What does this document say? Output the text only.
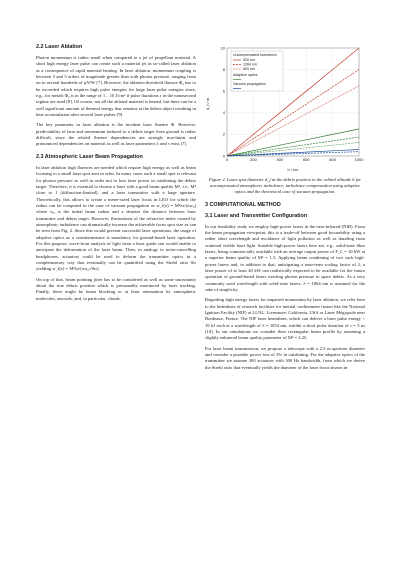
2.2 Laser Ablation

Photon momentum is rather small when compared to a jet of propellant material. A short high energy laser pulse can create such a material jet in so-called laser ablation as a consequence of rapid material heating. In laser ablation, momentum coupling is between 3 and 5 orders of magnitude greater than with photon pressure, ranging from on to several hundreds of μN/W [7]. However, the ablation threshold fluence Φ₀ has to be exceeded which requires high pulse energies for large laser pulse energies since, e.g., for metals Φ₀ is in the range of 1 .. 10 J/cm² if pulse durations τ in the nanosecond regime are used [8]. Of course, not all the ablated material is heated, but there can be a well significant amount of thermal energy that remains at the debris object resulting in heat accumulation after several laser pulses [9].

The key parameter in laser ablation is the incident laser fluence Φ. However, predictability of heat and momentum induced to a debris target from ground is rather difficult, since the related fluence dependencies are strongly non-linear and pronounced dependencies on material as well as laser parameters λ and τ exist [7].

2.3 Atmospheric Laser Beam Propagation

In laser ablation high fluences are needed which require high energy as well as beam focusing to a small laser spot area in orbit. In many cases such a small spot is relevant for photon pressure as well in order not to lose laser power in outshining the debris target. Therefore, it is essential to choose a laser with a good beam quality M², i.e., M² close to 1 (diffraction-limited), and a laser transmitter with a large aperture. Theoretically, this allows to create a meter-sized laser focus in LEO for which the radius can be computed in the case of vacuum propagation as w_f(z) = M²λz/(πw₀) where w₀ is the initial beam radius and z denotes the distance between laser transmitter and debris target. However, fluctuations of the refractive index caused by atmospheric turbulence can dramatically increase the achievable focus spot size as can be seen from Fig. 2. Since this would prevent successful laser operations, the usage of adaptive optics as a countermeasure is mandatory for ground-based laser operation. For this purpose, wave-front analysis of light from a laser guide star would enable to anticipate the deformation of the laser beam. Then, in analogy to noise-cancelling headphones, actuators could be used to deform the transmitter optics in a complementary way that eventually can be quantified using the Strehl ratio Str yielding w_f(z) = M²λz/(πw₀√Str).

On top of that, beam pointing jitter has to be considered as well as some uncertainty about the true debris position which is presumably monitored by laser tracking. Finally, there might be beam blocking or at least attenuation by atmospheric molecules, aerosols, and, in particular, clouds.

0
2
4
6
8
10
0	200	400	600	800	1000
d_f / m
h / km
Uncompensated turbulence
520 nm
1064 nm
800 nm
Adaptive optics
Vacuum propagation

Figure 2. Laser spot diameter d_f at the debris position in the orbital altitude h for uncompensated atmospheric turbulence, turbulence compensation using adaptive optics and the theoretical case of vacuum propagation.

3 COMPUTATIONAL METHOD
3.1 Laser and Transmitter Configuration

In our feasibility study we employ high-power lasers in the near-infrared (NIR). From the beam propagation viewpoint, this is a trade-off between good focusability using a rather short wavelength and avoidance of light pollution as well as dazzling from scattered visible laser light. Suitable high-power lasers here are, e.g., solid-state fibre lasers, being commercially available with an average output power of P_L = 10 kW at a superior beam quality of M² = 1.5. Applying beam combining of two such high-power lasers and, in addition to that, anticipating a near-term scaling factor of 2, a laser power of at least 40 kW can realistically expected to be available for the future operation of ground-based lasers exerting photon pressure to space debris. As a very commonly used wavelength with solid-state lasers, λ = 1064 nm is assumed for the sake of simplicity.

Regarding high energy lasers for imparted momentum by laser ablation, we refer here to the beamlines of research facilities for inertial confinement fusion like the National Ignition Facility (NIF) at LLNL, Livermore, California, USA or Laser Mégajoule near Bordeaux, France. The NIF laser beamlines, which can deliver a laser pulse energy > 19 kJ each at a wavelength of λ = 1054 nm, exhibit a short pulse duration of τ = 5 ns [10]. In our simulations we consider their rectangular beam profile by assuming a slightly enhanced beam quality parameter of M² = 2.25.

For laser beam transmission, we propose a telescope with a 2.5 m aperture diameter and consider a possible power loss of 2% in outshining. For the adaptive optics of the transmitter we assume 300 actuators with 300 Hz bandwidth, from which we derive the Strehl ratio that eventually yields the diameter of the laser focus shown in
